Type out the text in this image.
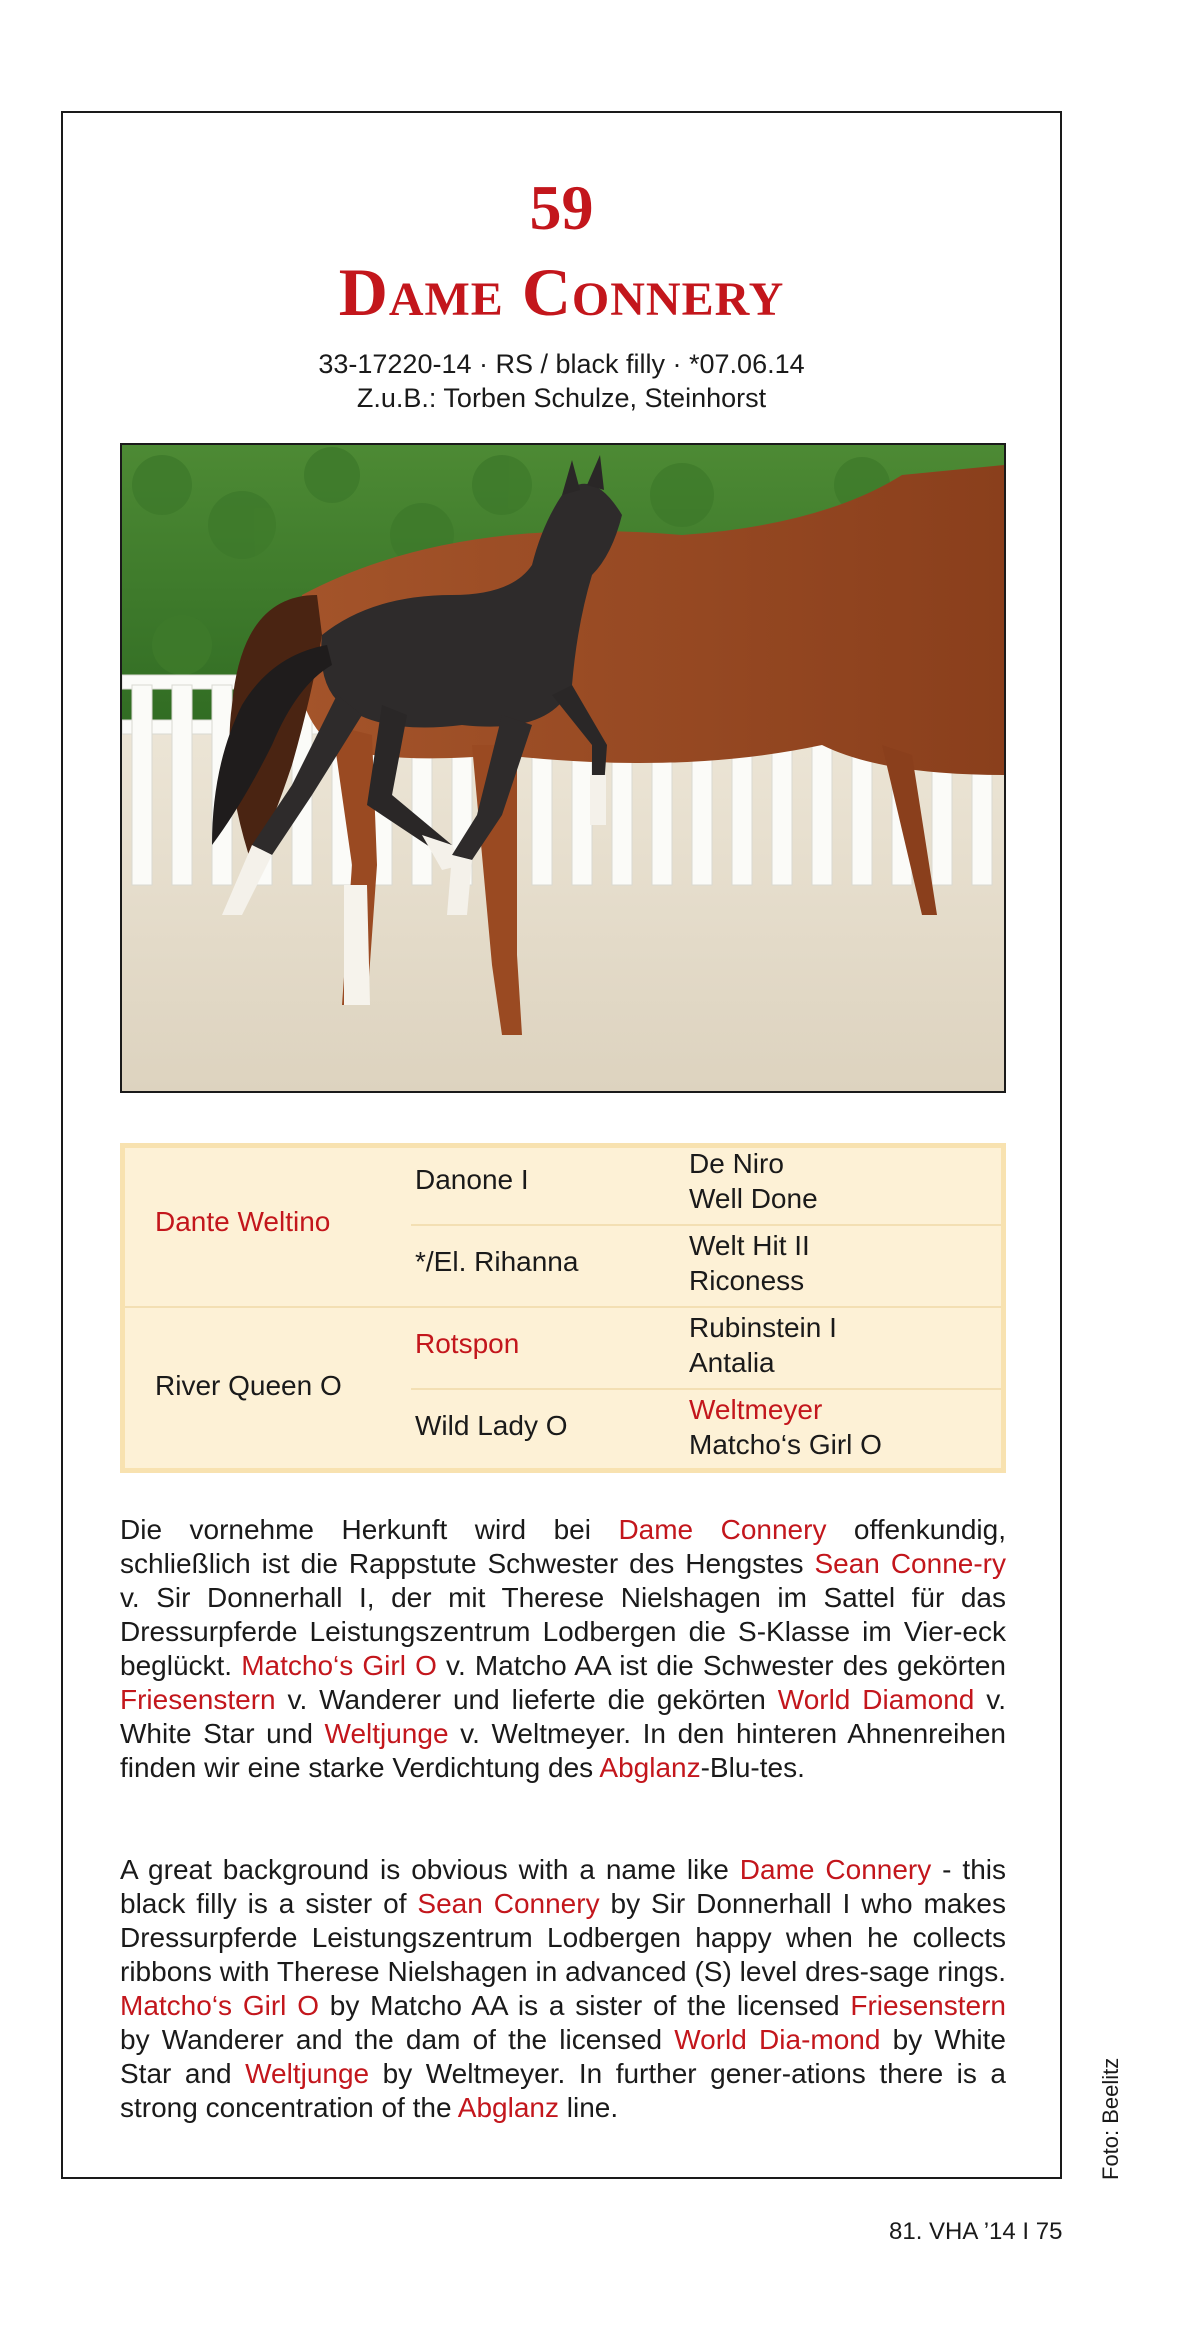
59
Dame Connery
33-17220-14 · RS / black filly · *07.06.14
Z.u.B.: Torben Schulze, Steinhorst
Dante Weltino
Danone I
De Niro
Well Done
*/El. Rihanna
Welt Hit II
Riconess
River Queen O
Rotspon
Rubinstein I
Antalia
Wild Lady O
Weltmeyer
Matcho‘s Girl O

Die vornehme Herkunft wird bei Dame Connery offenkundig, schließlich ist die Rappstute Schwester des Hengstes Sean Conne-ry v. Sir Donnerhall I, der mit Therese Nielshagen im Sattel für das Dressurpferde Leistungszentrum Lodbergen die S-Klasse im Vier-eck beglückt. Matcho‘s Girl O v. Matcho AA ist die Schwester des gekörten Friesenstern v. Wanderer und lieferte die gekörten World Diamond v. White Star und Weltjunge v. Weltmeyer. In den hinteren Ahnenreihen finden wir eine starke Verdichtung des Abglanz-Blu-tes.

A great background is obvious with a name like Dame Connery - this black filly is a sister of Sean Connery by Sir Donnerhall I who makes Dressurpferde Leistungszentrum Lodbergen happy when he collects ribbons with Therese Nielshagen in advanced (S) level dres-sage rings. Matcho‘s Girl O by Matcho AA is a sister of the licensed Friesenstern by Wanderer and the dam of the licensed World Dia-mond by White Star and Weltjunge by Weltmeyer. In further gener-ations there is a strong concentration of the Abglanz line.	Foto: Beelitz
81. VHA ’14 I 75
